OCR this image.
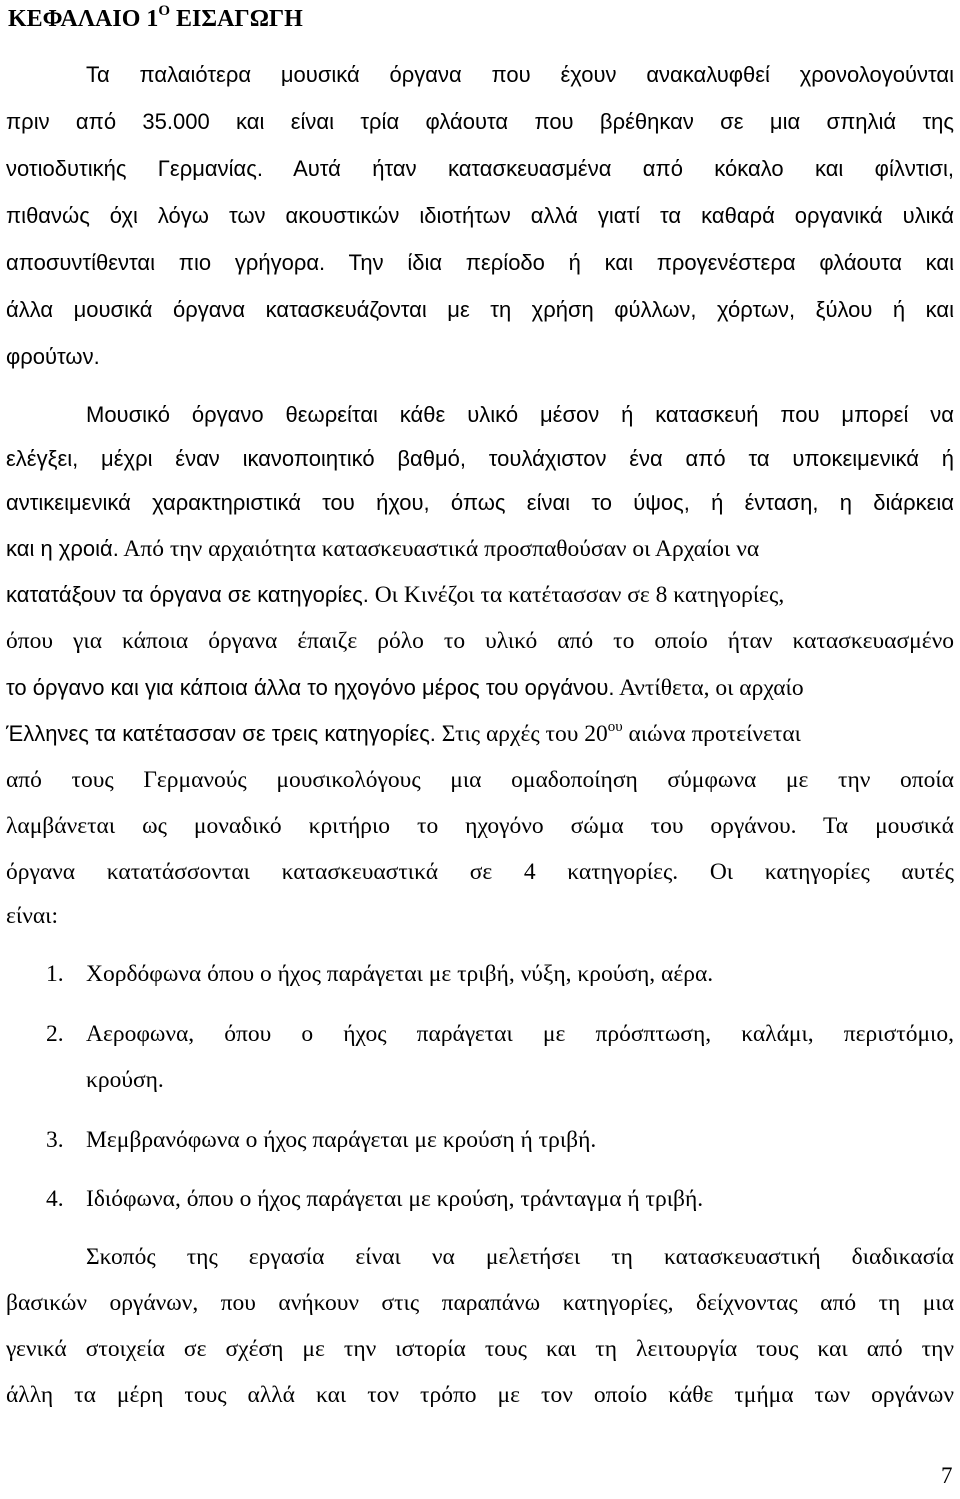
ΚΕΦΑΛΑΙΟ $1^O$ ΕΙΣΑΓΩΓΗ
Τα παλαιότερα μουσικά όργανα που έχουν ανακαλυφθεί χρονολογούνται
πριν από 35.000 και είναι τρία φλάουτα που βρέθηκαν σε μια σπηλιά της
νοτιοδυτικής Γερμανίας. Αυτά ήταν κατασκευασμένα από κόκαλο και φίλντισι,
πιθανώς όχι λόγω των ακουστικών ιδιοτήτων αλλά γιατί τα καθαρά οργανικά υλικά
αποσυντίθενται πιο γρήγορα. Την ίδια περίοδο ή και προγενέστερα φλάουτα και
άλλα μουσικά όργανα κατασκευάζονται με τη χρήση φύλλων, χόρτων, ξύλου ή και
φρούτων.
Μουσικό όργανο θεωρείται κάθε υλικό μέσον ή κατασκευή που μπορεί να
ελέγξει, μέχρι έναν ικανοποιητικό βαθμό, τουλάχιστον ένα από τα υποκειμενικά ή
αντικειμενικά χαρακτηριστικά του ήχου, όπως είναι το ύψος, ή ένταση, η διάρκεια
και η χροιά. Από την αρχαιότητα κατασκευαστικά προσπαθούσαν οι Αρχαίοι να
κατατάξουν τα όργανα σε κατηγορίες. Οι Κινέζοι τα κατέτασσαν σε 8 κατηγορίες,
όπου για κάποια όργανα έπαιζε ρόλο το υλικό από το οποίο ήταν κατασκευασμένο
το όργανο και για κάποια άλλα το ηχογόνο μέρος του οργάνου. Αντίθετα, οι αρχαίο
Έλληνες τα κατέτασσαν σε τρεις κατηγορίες. Στις αρχές του $20^{o\upsilon}$ αιώνα προτείνεται
από τους Γερμανούς μουσικολόγους μια ομαδοποίηση σύμφωνα με την οποία
λαμβάνεται ως μοναδικό κριτήριο το ηχογόνο σώμα του οργάνου. Τα μουσικά
όργανα κατατάσσονται κατασκευαστικά σε 4 κατηγορίες. Οι κατηγορίες αυτές
είναι:
1. Χορδόφωνα όπου ο ήχος παράγεται με τριβή, νύξη, κρούση, αέρα.
2. Αεροφωνα, όπου ο ήχος παράγεται με πρόσπτωση, καλάμι, περιστόμιο,
κρούση.
3. Μεμβρανόφωνα ο ήχος παράγεται με κρούση ή τριβή.
4. Ιδιόφωνα, όπου ο ήχος παράγεται με κρούση, τράνταγμα ή τριβή.
Σκοπός της εργασία είναι να μελετήσει τη κατασκευαστική διαδικασία
βασικών οργάνων, που ανήκουν στις παραπάνω κατηγορίες, δείχνοντας από τη μια
γενικά στοιχεία σε σχέση με την ιστορία τους και τη λειτουργία τους και από την
άλλη τα μέρη τους αλλά και τον τρόπο με τον οποίο κάθε τμήμα των οργάνων
7
